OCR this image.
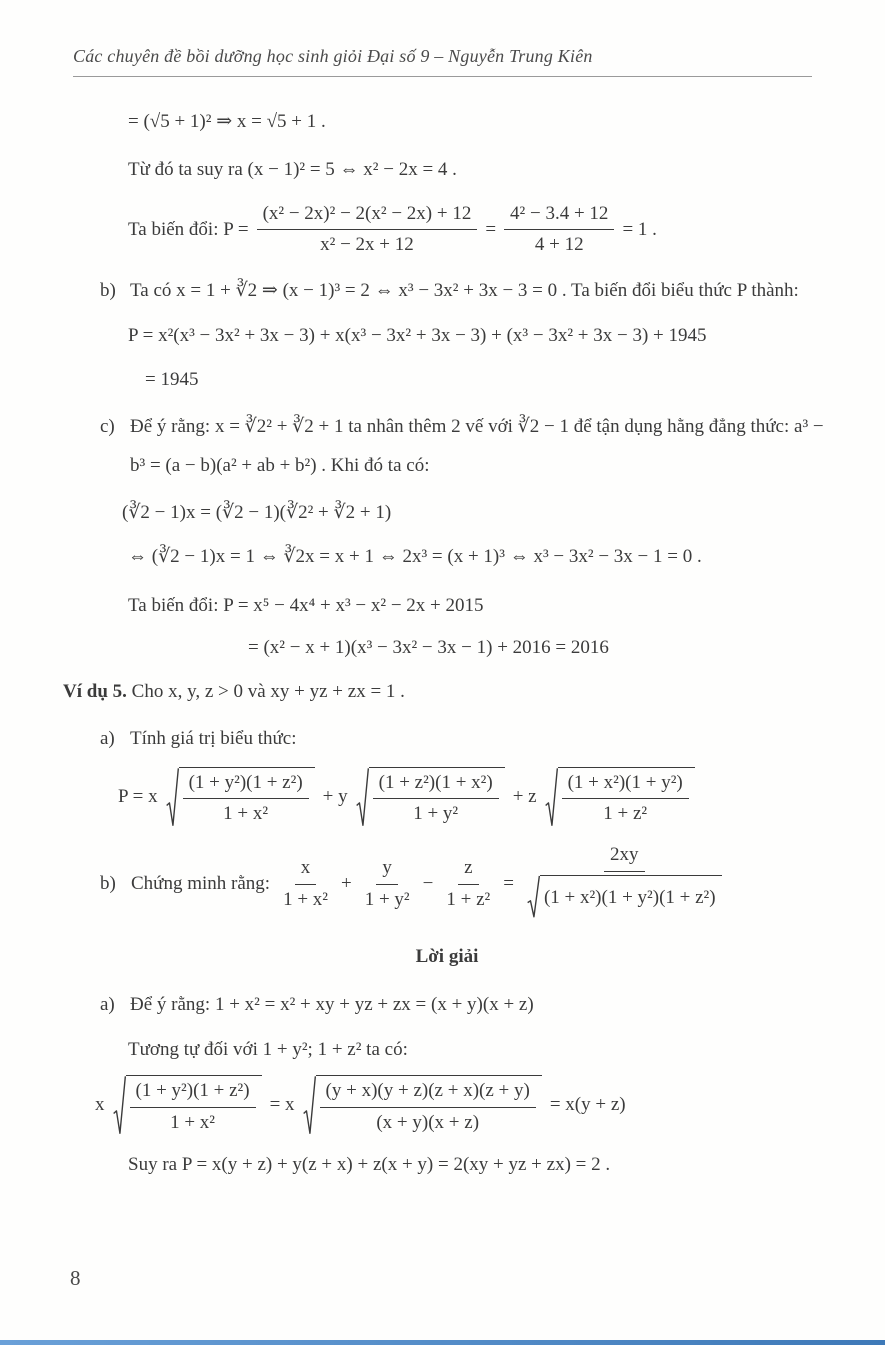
Các chuyên đề bồi dưỡng học sinh giỏi Đại số 9 – Nguyễn Trung Kiên
= (√5 + 1)² ⇒ x = √5 + 1 .
Từ đó ta suy ra (x − 1)² = 5 ⇔ x² − 2x = 4 .
Ta biến đổi: $P = \frac{\text{(x² − 2x)² − 2(x² − 2x) + 12}}{\text{x² − 2x + 12}} = \frac{\text{4² − 3.4 + 12}}{4 + 12} = 1$ .
b) Ta có x = 1 + ∛2 ⇒ (x − 1)³ = 2 ⇔ x³ − 3x² + 3x − 3 = 0 . Ta biến đổi biểu thức P thành:
P = x²(x³ − 3x² + 3x − 3) + x(x³ − 3x² + 3x − 3) + (x³ − 3x² + 3x − 3) + 1945
= 1945
c) Để ý rằng: x = ∛2² + ∛2 + 1 ta nhân thêm 2 vế với ∛2 − 1 để tận dụng hằng đẳng thức: a³ − b³ = (a − b)(a² + ab + b²) . Khi đó ta có:
(∛2 − 1)x = (∛2 − 1)(∛2² + ∛2 + 1)
⇔ (∛2 − 1)x = 1 ⇔ ∛2x = x + 1 ⇔ 2x³ = (x + 1)³ ⇔ x³ − 3x² − 3x − 1 = 0 .
Ta biến đổi: P = x⁵ − 4x⁴ + x³ − x² − 2x + 2015
= (x² − x + 1)(x³ − 3x² − 3x − 1) + 2016 = 2016
Ví dụ 5. Cho x, y, z > 0 và xy + yz + zx = 1 .
a) Tính giá trị biểu thức:
P = x $\frac{\text{(1 + y²)(1 + z²)}}{\text{1 + x²}} + y \frac{\text{(1 + z²)(1 + x²)}}{\text{1 + y²}} + z \frac{\text{(1 + x²)(1 + y²)}}{\text{1 + z²}}$
b) Chứng minh rằng: $\frac{x}{\text{1 + x²}} + \frac{y}{\text{1 + y²}} - \frac{z}{\text{1 + z²}} = \frac{2xy}{\text{(1 + x²)(1 + y²)(1 + z²)}}$
Lời giải
a) Để ý rằng: 1 + x² = x² + xy + yz + zx = (x + y)(x + z)
Tương tự đối với 1 + y²; 1 + z² ta có:
x $\frac{\text{(1 + y²)(1 + z²)}}{\text{1 + x²}} = x \frac{(y + x)(y + z)(z + x)(z + y)}{(x + y)(x + z)} = x(y + z)$
Suy ra P = x(y + z) + y(z + x) + z(x + y) = 2(xy + yz + zx) = 2 .
8
